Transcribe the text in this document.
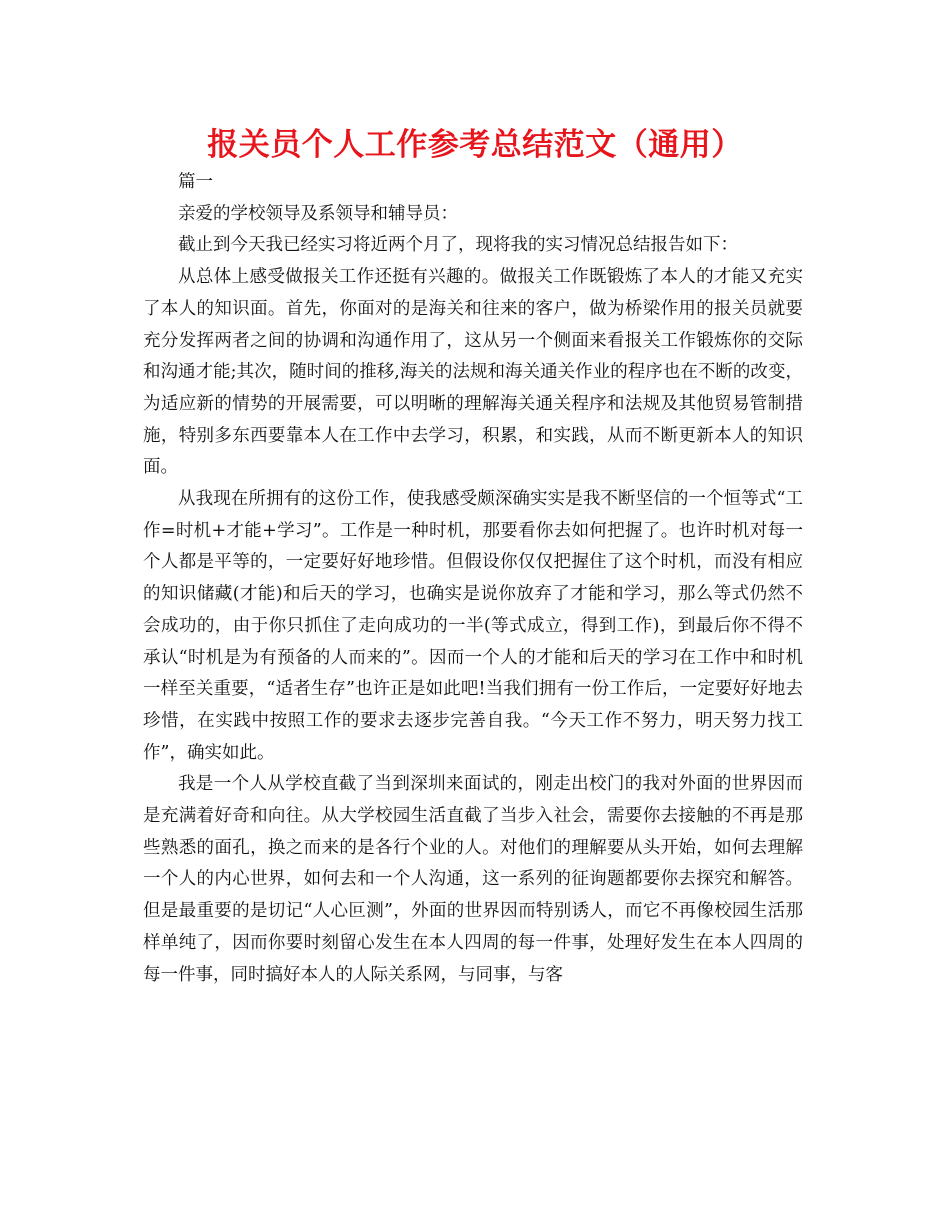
报关员个人工作参考总结范文（通用）

篇一

亲爱的学校领导及系领导和辅导员：

截止到今天我已经实习将近两个月了，现将我的实习情况总结报告如下：

从总体上感受做报关工作还挺有兴趣的。做报关工作既锻炼了本人的才能又充实了本人的知识面。首先，你面对的是海关和往来的客户，做为桥梁作用的报关员就要充分发挥两者之间的协调和沟通作用了，这从另一个侧面来看报关工作锻炼你的交际和沟通才能;其次，随时间的推移,海关的法规和海关通关作业的程序也在不断的改变，为适应新的情势的开展需要，可以明晰的理解海关通关程序和法规及其他贸易管制措施，特别多东西要靠本人在工作中去学习，积累，和实践，从而不断更新本人的知识面。

从我现在所拥有的这份工作，使我感受颇深确实实是我不断坚信的一个恒等式“工作=时机+才能+学习”。工作是一种时机，那要看你去如何把握了。也许时机对每一个人都是平等的，一定要好好地珍惜。但假设你仅仅把握住了这个时机，而没有相应的知识储藏(才能)和后天的学习，也确实是说你放弃了才能和学习，那么等式仍然不会成功的，由于你只抓住了走向成功的一半(等式成立，得到工作)，到最后你不得不承认“时机是为有预备的人而来的”。因而一个人的才能和后天的学习在工作中和时机一样至关重要，“适者生存”也许正是如此吧!当我们拥有一份工作后，一定要好好地去珍惜，在实践中按照工作的要求去逐步完善自我。“今天工作不努力，明天努力找工作”，确实如此。

我是一个人从学校直截了当到深圳来面试的，刚走出校门的我对外面的世界因而是充满着好奇和向往。从大学校园生活直截了当步入社会，需要你去接触的不再是那些熟悉的面孔，换之而来的是各行个业的人。对他们的理解要从头开始，如何去理解一个人的内心世界，如何去和一个人沟通，这一系列的征询题都要你去探究和解答。但是最重要的是切记“人心叵测”，外面的世界因而特别诱人，而它不再像校园生活那样单纯了，因而你要时刻留心发生在本人四周的每一件事，处理好发生在本人四周的每一件事，同时搞好本人的人际关系网，与同事，与客
